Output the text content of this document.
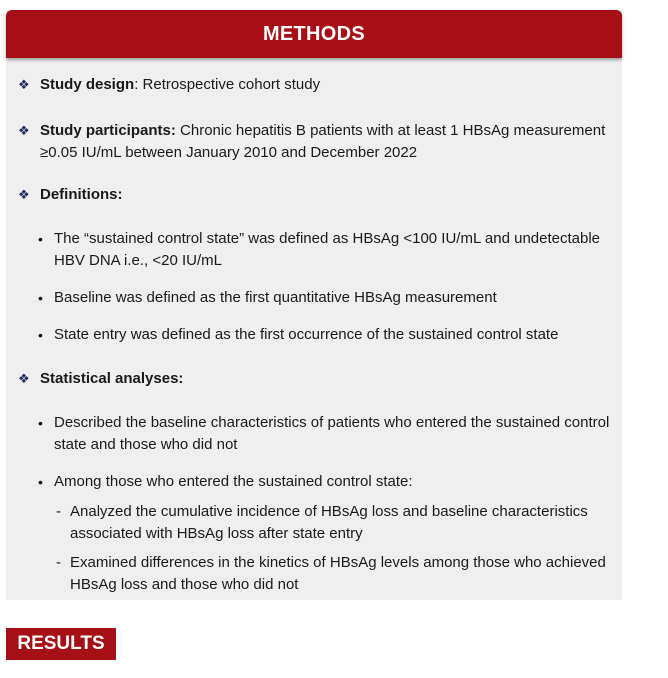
METHODS
❖ Study design: Retrospective cohort study
❖ Study participants: Chronic hepatitis B patients with at least 1 HBsAg measurement ≥0.05 IU/mL between January 2010 and December 2022
❖ Definitions:
• The “sustained control state” was defined as HBsAg <100 IU/mL and undetectable HBV DNA i.e., <20 IU/mL
• Baseline was defined as the first quantitative HBsAg measurement
• State entry was defined as the first occurrence of the sustained control state
❖ Statistical analyses:
• Described the baseline characteristics of patients who entered the sustained control state and those who did not
• Among those who entered the sustained control state:
- Analyzed the cumulative incidence of HBsAg loss and baseline characteristics associated with HBsAg loss after state entry
- Examined differences in the kinetics of HBsAg levels among those who achieved HBsAg loss and those who did not
RESULTS
